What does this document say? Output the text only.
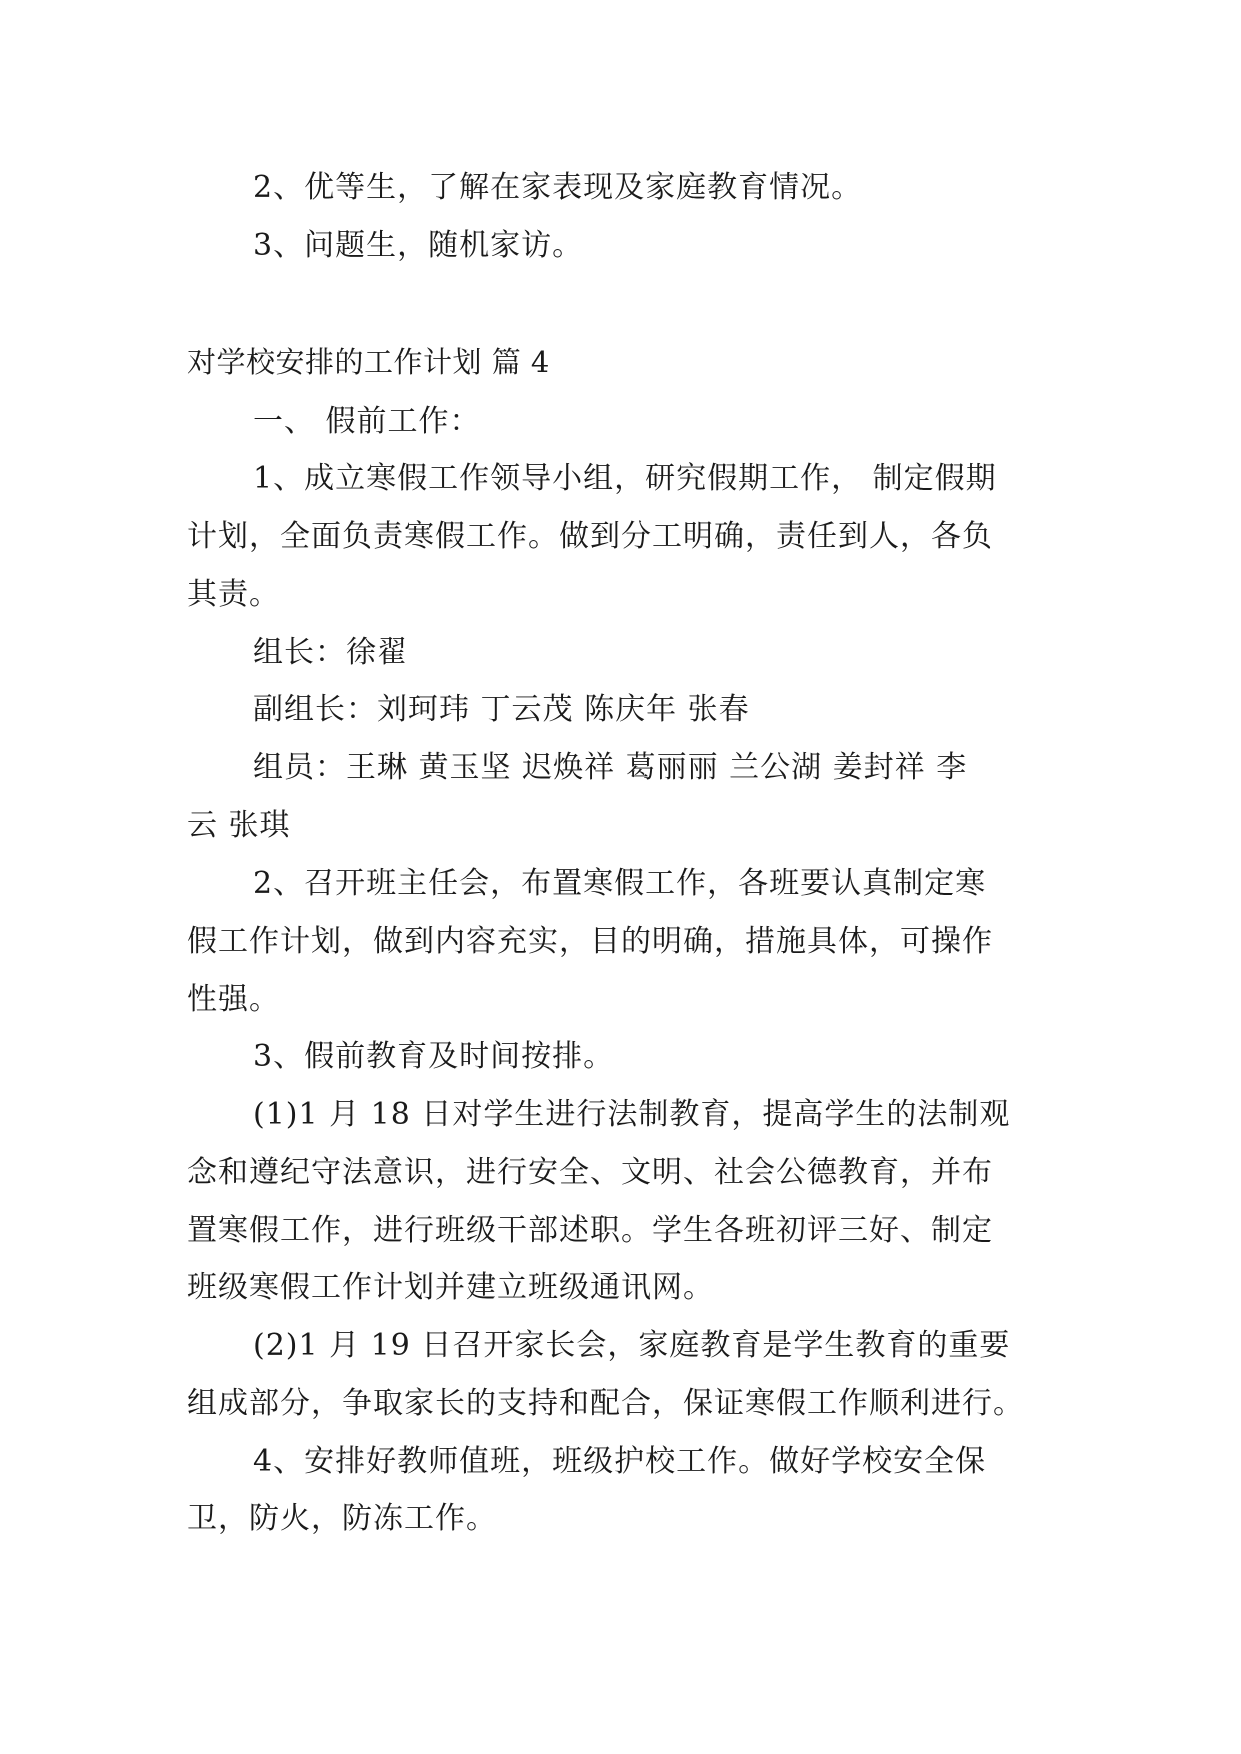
2、优等生，了解在家表现及家庭教育情况。

3、问题生，随机家访。

对学校安排的工作计划 篇 4

一、 假前工作：

1、成立寒假工作领导小组，研究假期工作， 制定假期

计划，全面负责寒假工作。做到分工明确，责任到人，各负

其责。

组长：徐翟

副组长：刘珂玮 丁云茂 陈庆年 张春

组员：王琳 黄玉坚 迟焕祥 葛丽丽 兰公湖 姜封祥 李

云 张琪

2、召开班主任会，布置寒假工作，各班要认真制定寒

假工作计划，做到内容充实，目的明确，措施具体，可操作

性强。

3、假前教育及时间按排。

(1)1 月 18 日对学生进行法制教育，提高学生的法制观

念和遵纪守法意识，进行安全、文明、社会公德教育，并布

置寒假工作，进行班级干部述职。学生各班初评三好、制定

班级寒假工作计划并建立班级通讯网。

(2)1 月 19 日召开家长会，家庭教育是学生教育的重要

组成部分，争取家长的支持和配合，保证寒假工作顺利进行。

4、安排好教师值班，班级护校工作。做好学校安全保

卫，防火，防冻工作。
